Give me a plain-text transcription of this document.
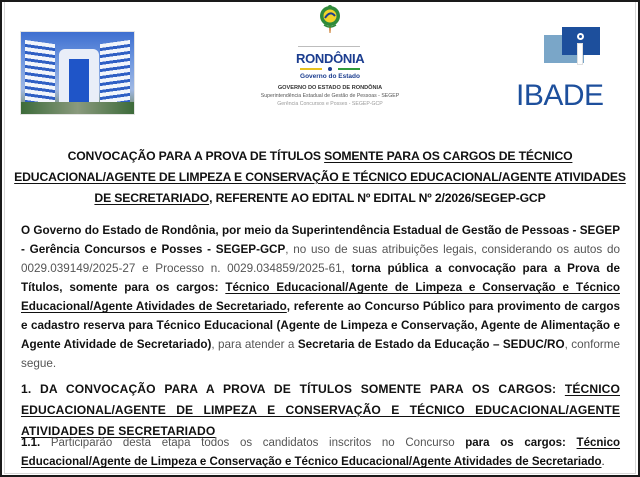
RONDÔNIA
Governo do Estado
GOVERNO DO ESTADO DE RONDÔNIA
Superintendência Estadual de Gestão de Pessoas - SEGEP
Gerência Concursos e Posses - SEGEP-GCP	IBADE
CONVOCAÇÃO PARA A PROVA DE TÍTULOS SOMENTE PARA OS CARGOS DE TÉCNICO EDUCACIONAL/AGENTE DE LIMPEZA E CONSERVAÇÃO E TÉCNICO EDUCACIONAL/AGENTE ATIVIDADES DE SECRETARIADO, REFERENTE AO EDITAL Nº EDITAL Nº 2/2026/SEGEP-GCP
O Governo do Estado de Rondônia, por meio da Superintendência Estadual de Gestão de Pessoas - SEGEP - Gerência Concursos e Posses - SEGEP-GCP, no uso de suas atribuições legais, considerando os autos do 0029.039149/2025-27 e Processo n. 0029.034859/2025-61, torna pública a convocação para a Prova de Títulos, somente para os cargos: Técnico Educacional/Agente de Limpeza e Conservação e Técnico Educacional/Agente Atividades de Secretariado, referente ao Concurso Público para provimento de cargos e cadastro reserva para Técnico Educacional (Agente de Limpeza e Conservação, Agente de Alimentação e Agente Atividade de Secretariado), para atender a Secretaria de Estado da Educação – SEDUC/RO, conforme segue.
1. DA CONVOCAÇÃO PARA A PROVA DE TÍTULOS SOMENTE PARA OS CARGOS: TÉCNICO EDUCACIONAL/AGENTE DE LIMPEZA E CONSERVAÇÃO E TÉCNICO EDUCACIONAL/AGENTE ATIVIDADES DE SECRETARIADO
1.1. Participarão desta etapa todos os candidatos inscritos no Concurso para os cargos: Técnico Educacional/Agente de Limpeza e Conservação e Técnico Educacional/Agente Atividades de Secretariado.
